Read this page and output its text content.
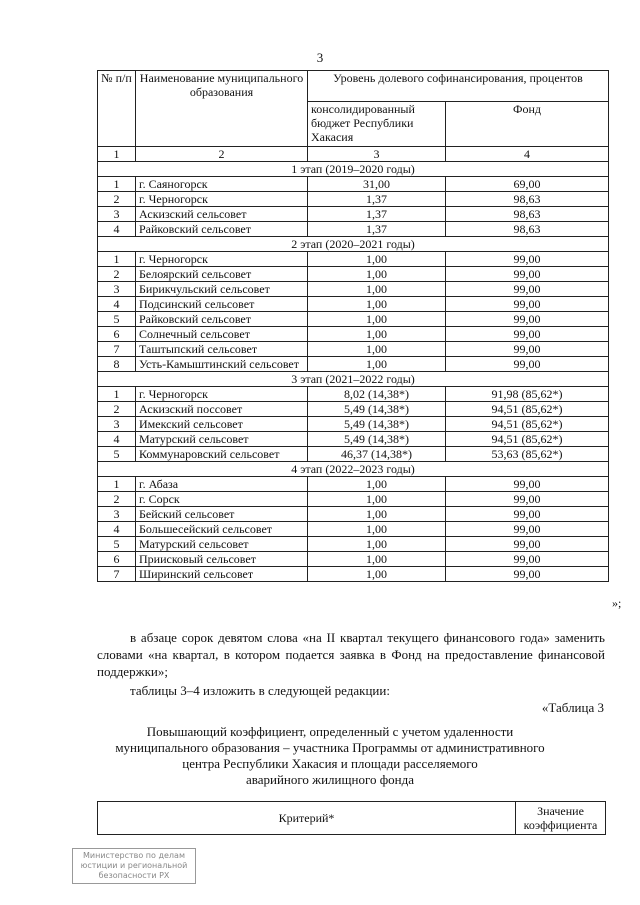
3
№ п/п	Наименование муниципального образования	Уровень долевого софинансирования, процентов	
		консолидированный бюджет Республики Хакасия	Фонд
1	2	3	4
1 этап (2019–2020 годы)			
1	г. Саяногорск	31,00	69,00
2	г. Черногорск	1,37	98,63
3	Аскизский сельсовет	1,37	98,63
4	Райковский сельсовет	1,37	98,63
2 этап (2020–2021 годы)			
1	г. Черногорск	1,00	99,00
2	Белоярский сельсовет	1,00	99,00
3	Бирикчульский сельсовет	1,00	99,00
4	Подсинский сельсовет	1,00	99,00
5	Райковский сельсовет	1,00	99,00
6	Солнечный сельсовет	1,00	99,00
7	Таштыпский сельсовет	1,00	99,00
8	Усть-Камыштинский сельсовет	1,00	99,00
3 этап (2021–2022 годы)			
1	г. Черногорск	8,02 (14,38*)	91,98 (85,62*)
2	Аскизский поссовет	5,49 (14,38*)	94,51 (85,62*)
3	Имекский сельсовет	5,49 (14,38*)	94,51 (85,62*)
4	Матурский сельсовет	5,49 (14,38*)	94,51 (85,62*)
5	Коммунаровский сельсовет	46,37 (14,38*)	53,63 (85,62*)
4 этап (2022–2023 годы)			
1	г. Абаза	1,00	99,00
2	г. Сорск	1,00	99,00
3	Бейский сельсовет	1,00	99,00
4	Большесейский сельсовет	1,00	99,00
5	Матурский сельсовет	1,00	99,00
6	Приисковый сельсовет	1,00	99,00
7	Ширинский сельсовет	1,00	99,00
»;
в абзаце сорок девятом слова «на II квартал текущего финансового года» заменить словами «на квартал, в котором подается заявка в Фонд на предоставление финансовой поддержки»;
таблицы 3–4 изложить в следующей редакции:
«Таблица 3
Повышающий коэффициент, определенный с учетом удаленности
муниципального образования – участника Программы от административного
центра Республики Хакасия и площади расселяемого
аварийного жилищного фонда
Критерий*	Значение коэффициента
Министерство по делам
юстиции и региональной
безопасности РХ
